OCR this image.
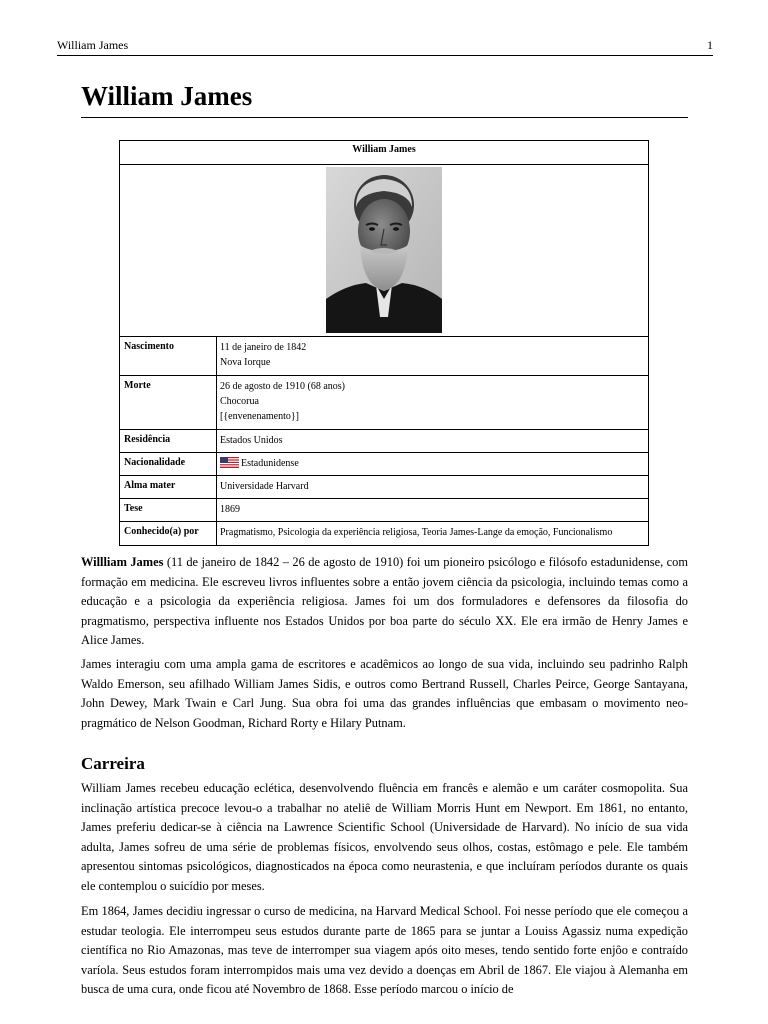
William James	1
William James
William James	

Nascimento	11 de janeiro de 1842
Nova Iorque

Morte	26 de agosto de 1910 (68 anos)
Chocorua
[{envenenamento}]

Residência	Estados Unidos

Nacionalidade	Estadunidense

Alma mater	Universidade Harvard

Tese	1869

Conhecido(a) por	Pragmatismo, Psicologia da experiência religiosa, Teoria James-Lange da emoção, Funcionalismo

Willliam James (11 de janeiro de 1842 – 26 de agosto de 1910) foi um pioneiro psicólogo e filósofo estadunidense, com formação em medicina. Ele escreveu livros influentes sobre a então jovem ciência da psicologia, incluindo temas como a educação e a psicologia da experiência religiosa. James foi um dos formuladores e defensores da filosofia do pragmatismo, perspectiva influente nos Estados Unidos por boa parte do século XX. Ele era irmão de Henry James e Alice James.

James interagiu com uma ampla gama de escritores e acadêmicos ao longo de sua vida, incluindo seu padrinho Ralph Waldo Emerson, seu afilhado William James Sidis, e outros como Bertrand Russell, Charles Peirce, George Santayana, John Dewey, Mark Twain e Carl Jung. Sua obra foi uma das grandes influências que embasam o movimento neo-pragmático de Nelson Goodman, Richard Rorty e Hilary Putnam.

Carreira

William James recebeu educação eclética, desenvolvendo fluência em francês e alemão e um caráter cosmopolita. Sua inclinação artística precoce levou-o a trabalhar no ateliê de William Morris Hunt em Newport. Em 1861, no entanto, James preferiu dedicar-se à ciência na Lawrence Scientific School (Universidade de Harvard). No início de sua vida adulta, James sofreu de uma série de problemas físicos, envolvendo seus olhos, costas, estômago e pele. Ele também apresentou sintomas psicológicos, diagnosticados na época como neurastenia, e que incluíram períodos durante os quais ele contemplou o suicídio por meses.

Em 1864, James decidiu ingressar o curso de medicina, na Harvard Medical School. Foi nesse período que ele começou a estudar teologia. Ele interrompeu seus estudos durante parte de 1865 para se juntar a Louiss Agassiz numa expedição científica no Rio Amazonas, mas teve de interromper sua viagem após oito meses, tendo sentido forte enjôo e contraído varíola. Seus estudos foram interrompidos mais uma vez devido a doenças em Abril de 1867. Ele viajou à Alemanha em busca de uma cura, onde ficou até Novembro de 1868. Esse período marcou o início de
